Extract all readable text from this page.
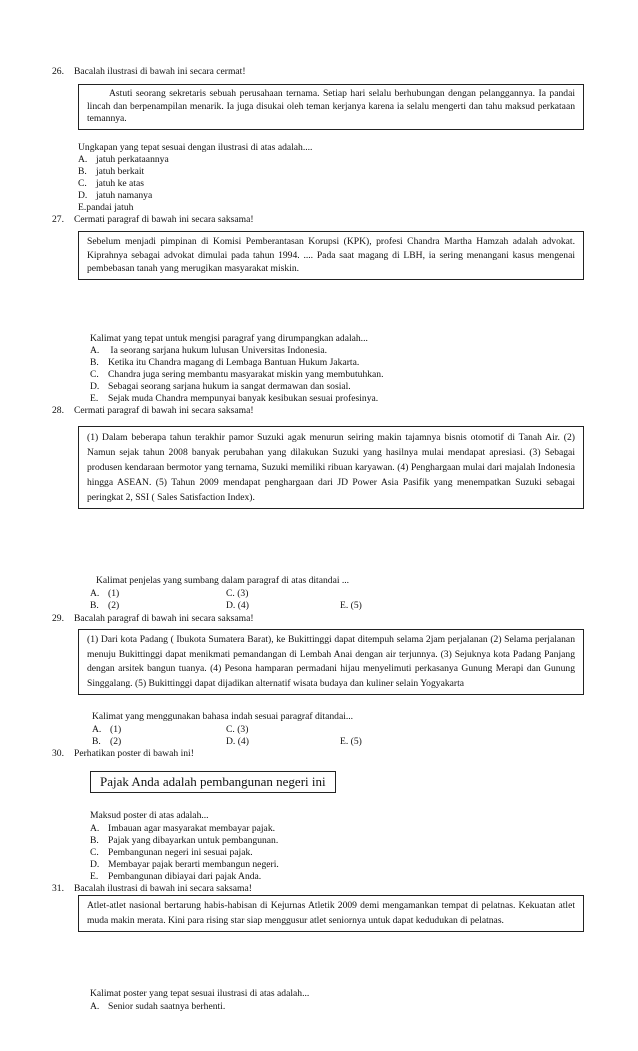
26. Bacalah ilustrasi di bawah ini secara cermat!

Astuti seorang sekretaris sebuah perusahaan ternama. Setiap hari selalu berhubungan dengan pelanggannya. Ia pandai lincah dan berpenampilan menarik. Ia juga disukai oleh teman kerjanya karena ia selalu mengerti dan tahu maksud perkataan temannya.

Ungkapan yang tepat sesuai dengan ilustrasi di atas adalah....
A. jatuh perkataannya
B. jatuh berkait
C. jatuh ke atas
D. jatuh namanya
E.pandai jatuh
27. Cermati paragraf di bawah ini secara saksama!

Sebelum menjadi pimpinan di Komisi Pemberantasan Korupsi (KPK), profesi Chandra Martha Hamzah adalah advokat. Kiprahnya sebagai advokat dimulai pada tahun 1994. .... Pada saat magang di LBH, ia sering menangani kasus mengenai pembebasan tanah yang merugikan masyarakat miskin.

Kalimat yang tepat untuk mengisi paragraf yang dirumpangkan adalah...
A. Ia seorang sarjana hukum lulusan Universitas Indonesia.
B. Ketika itu Chandra magang di Lembaga Bantuan Hukum Jakarta.
C. Chandra juga sering membantu masyarakat miskin yang membutuhkan.
D. Sebagai seorang sarjana hukum ia sangat dermawan dan sosial.
E. Sejak muda Chandra mempunyai banyak kesibukan sesuai profesinya.
28. Cermati paragraf di bawah ini secara saksama!

(1) Dalam beberapa tahun terakhir pamor Suzuki agak menurun seiring makin tajamnya bisnis otomotif di Tanah Air. (2) Namun sejak tahun 2008 banyak perubahan yang dilakukan Suzuki yang hasilnya mulai mendapat apresiasi. (3) Sebagai produsen kendaraan bermotor yang ternama, Suzuki memiliki ribuan karyawan. (4) Penghargaan mulai dari majalah Indonesia hingga ASEAN. (5) Tahun 2009 mendapat penghargaan dari JD Power Asia Pasifik yang menempatkan Suzuki sebagai peringkat 2, SSI ( Sales Satisfaction Index).

Kalimat penjelas yang sumbang dalam paragraf di atas ditandai ...
A. (1)
B. (2)
C. (3)
D. (4)	E. (5)
29. Bacalah paragraf di bawah ini secara saksama!

(1) Dari kota Padang ( Ibukota Sumatera Barat), ke Bukittinggi dapat ditempuh selama 2jam perjalanan (2) Selama perjalanan menuju Bukittinggi dapat menikmati pemandangan di Lembah Anai dengan air terjunnya. (3) Sejuknya kota Padang Panjang dengan arsitek bangun tuanya. (4) Pesona hamparan permadani hijau menyelimuti perkasanya Gunung Merapi dan Gunung Singgalang. (5) Bukittinggi dapat dijadikan alternatif wisata budaya dan kuliner selain Yogyakarta

Kalimat yang menggunakan bahasa indah sesuai paragraf ditandai...
A. (1)
B. (2)
C. (3)
D. (4)	E. (5)
30. Perhatikan poster di bawah ini!
Pajak Anda adalah pembangunan negeri ini
Maksud poster di atas adalah...
A. Imbauan agar masyarakat membayar pajak.
B. Pajak yang dibayarkan untuk pembangunan.
C. Pembangunan negeri ini sesuai pajak.
D. Membayar pajak berarti membangun negeri.
E. Pembangunan dibiayai dari pajak Anda.
31. Bacalah ilustrasi di bawah ini secara saksama!

Atlet-atlet nasional bertarung habis-habisan di Kejurnas Atletik 2009 demi mengamankan tempat di pelatnas. Kekuatan atlet muda makin merata. Kini para rising star siap menggusur atlet seniornya untuk dapat kedudukan di pelatnas.

Kalimat poster yang tepat sesuai ilustrasi di atas adalah...
A. Senior sudah saatnya berhenti.
